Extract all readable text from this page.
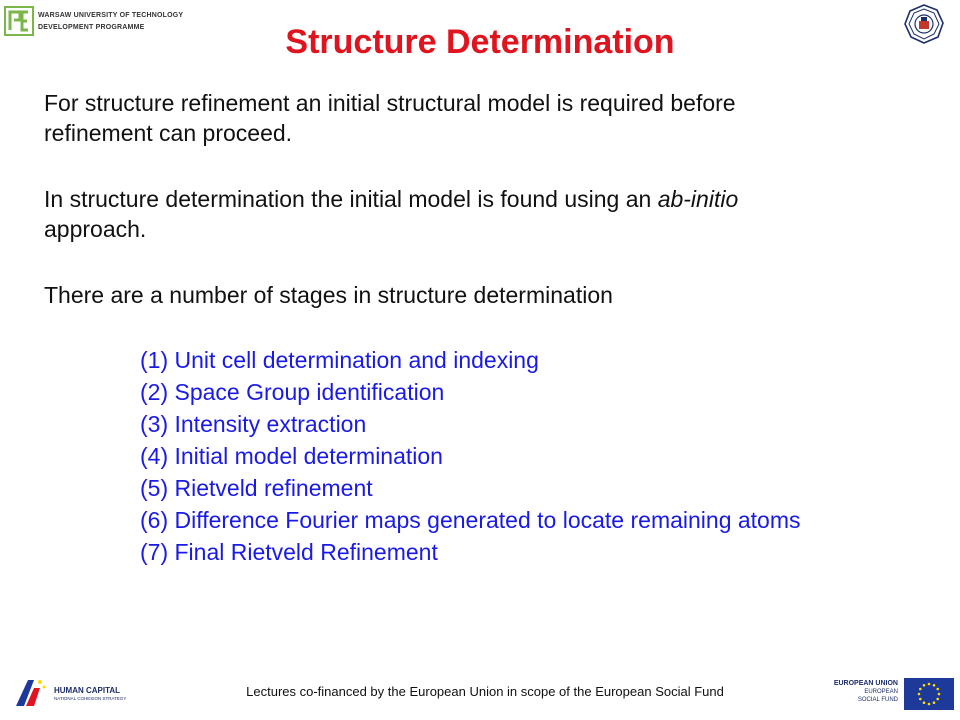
WARSAW UNIVERSITY OF TECHNOLOGY
DEVELOPMENT PROGRAMME	Structure Determination
For structure refinement an initial structural model is required before
refinement can proceed.
In structure determination the initial model is found using an ab-initio
approach.
There are a number of stages in structure determination
(1) Unit cell determination and indexing
(2) Space Group identification
(3) Intensity extraction
(4) Initial model determination
(5) Rietveld refinement
(6) Difference Fourier maps generated to locate remaining atoms
(7) Final Rietveld Refinement
HUMAN CAPITAL
NATIONAL COHESION STRATEGY	Lectures co-financed by the European Union in scope of the European Social Fund
EUROPEAN UNION
EUROPEAN
SOCIAL FUND
